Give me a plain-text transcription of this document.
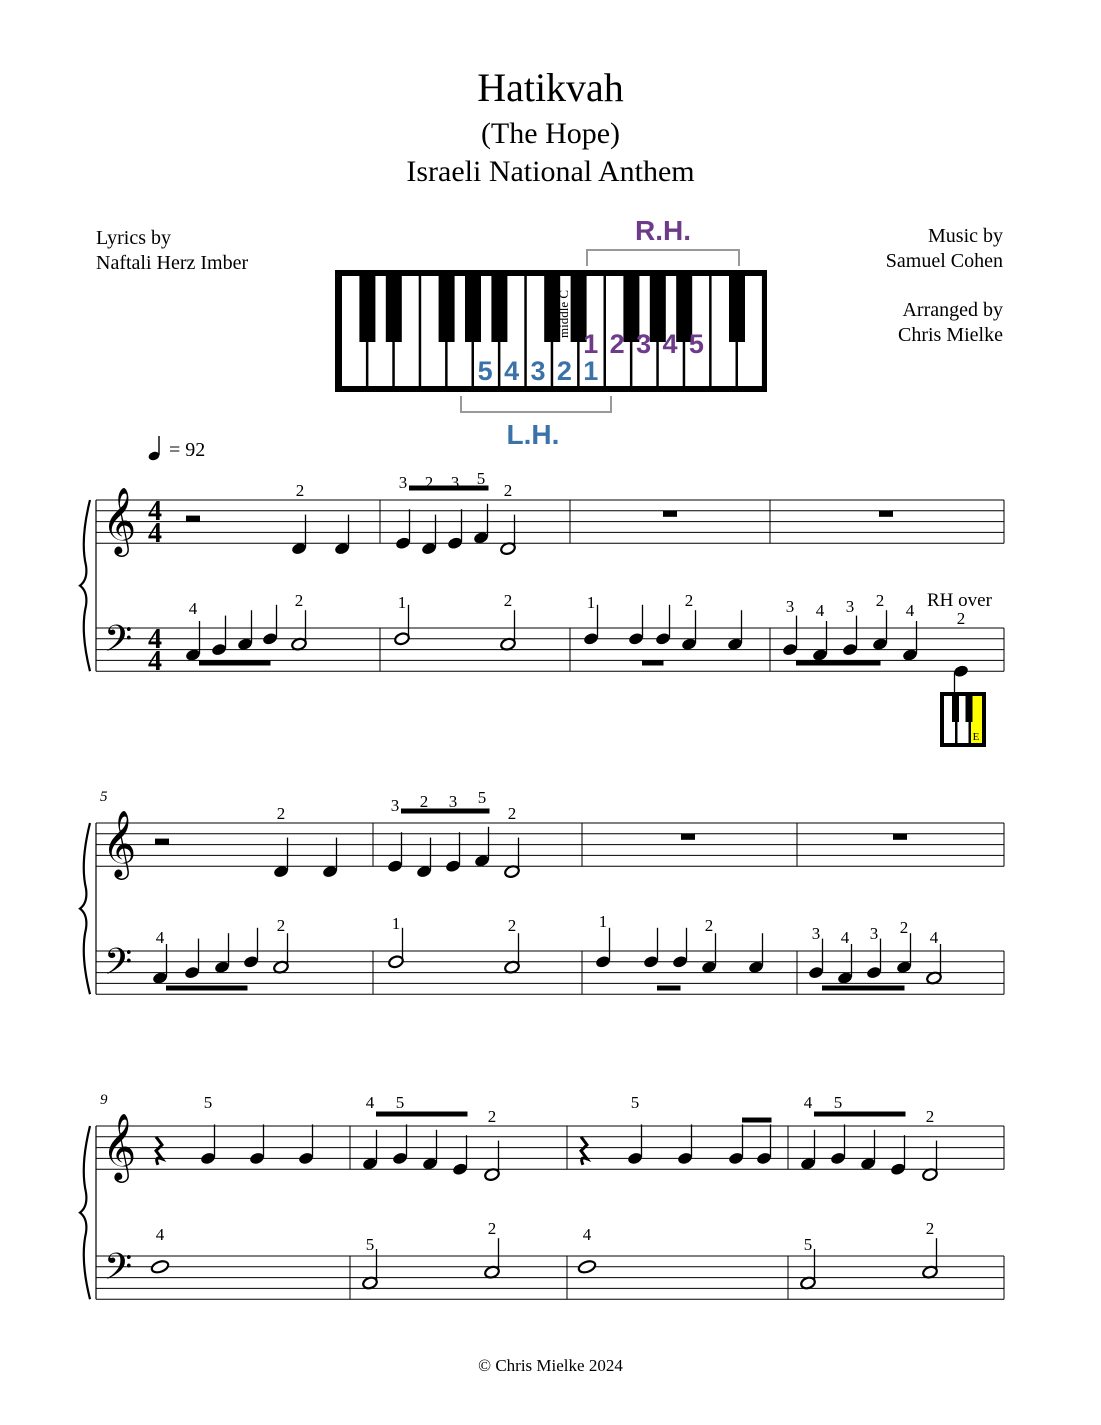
Hatikvah
(The Hope)
Israeli National Anthem
Lyrics by
Naftali Herz Imber
Music by
Samuel Cohen
Arranged by
Chris Mielke
R.H.
middle C
5 4 3 2 1
1 2 3 4 5
L.H.
= 92
𝄞
𝄢
4
4
4
4
𝄞
𝄢
5
𝄞
𝄢
9
2	3 2 3 5
2
4	2	1	2	1	2	3 4 3 2
4	2
RH over
E
2	3 2 3 5
2
4
2	1	2	1	2	3 4 3 2
4
5	4 5
2
5	4 5
2
4
5
2	4
5
2
© Chris Mielke 2024
